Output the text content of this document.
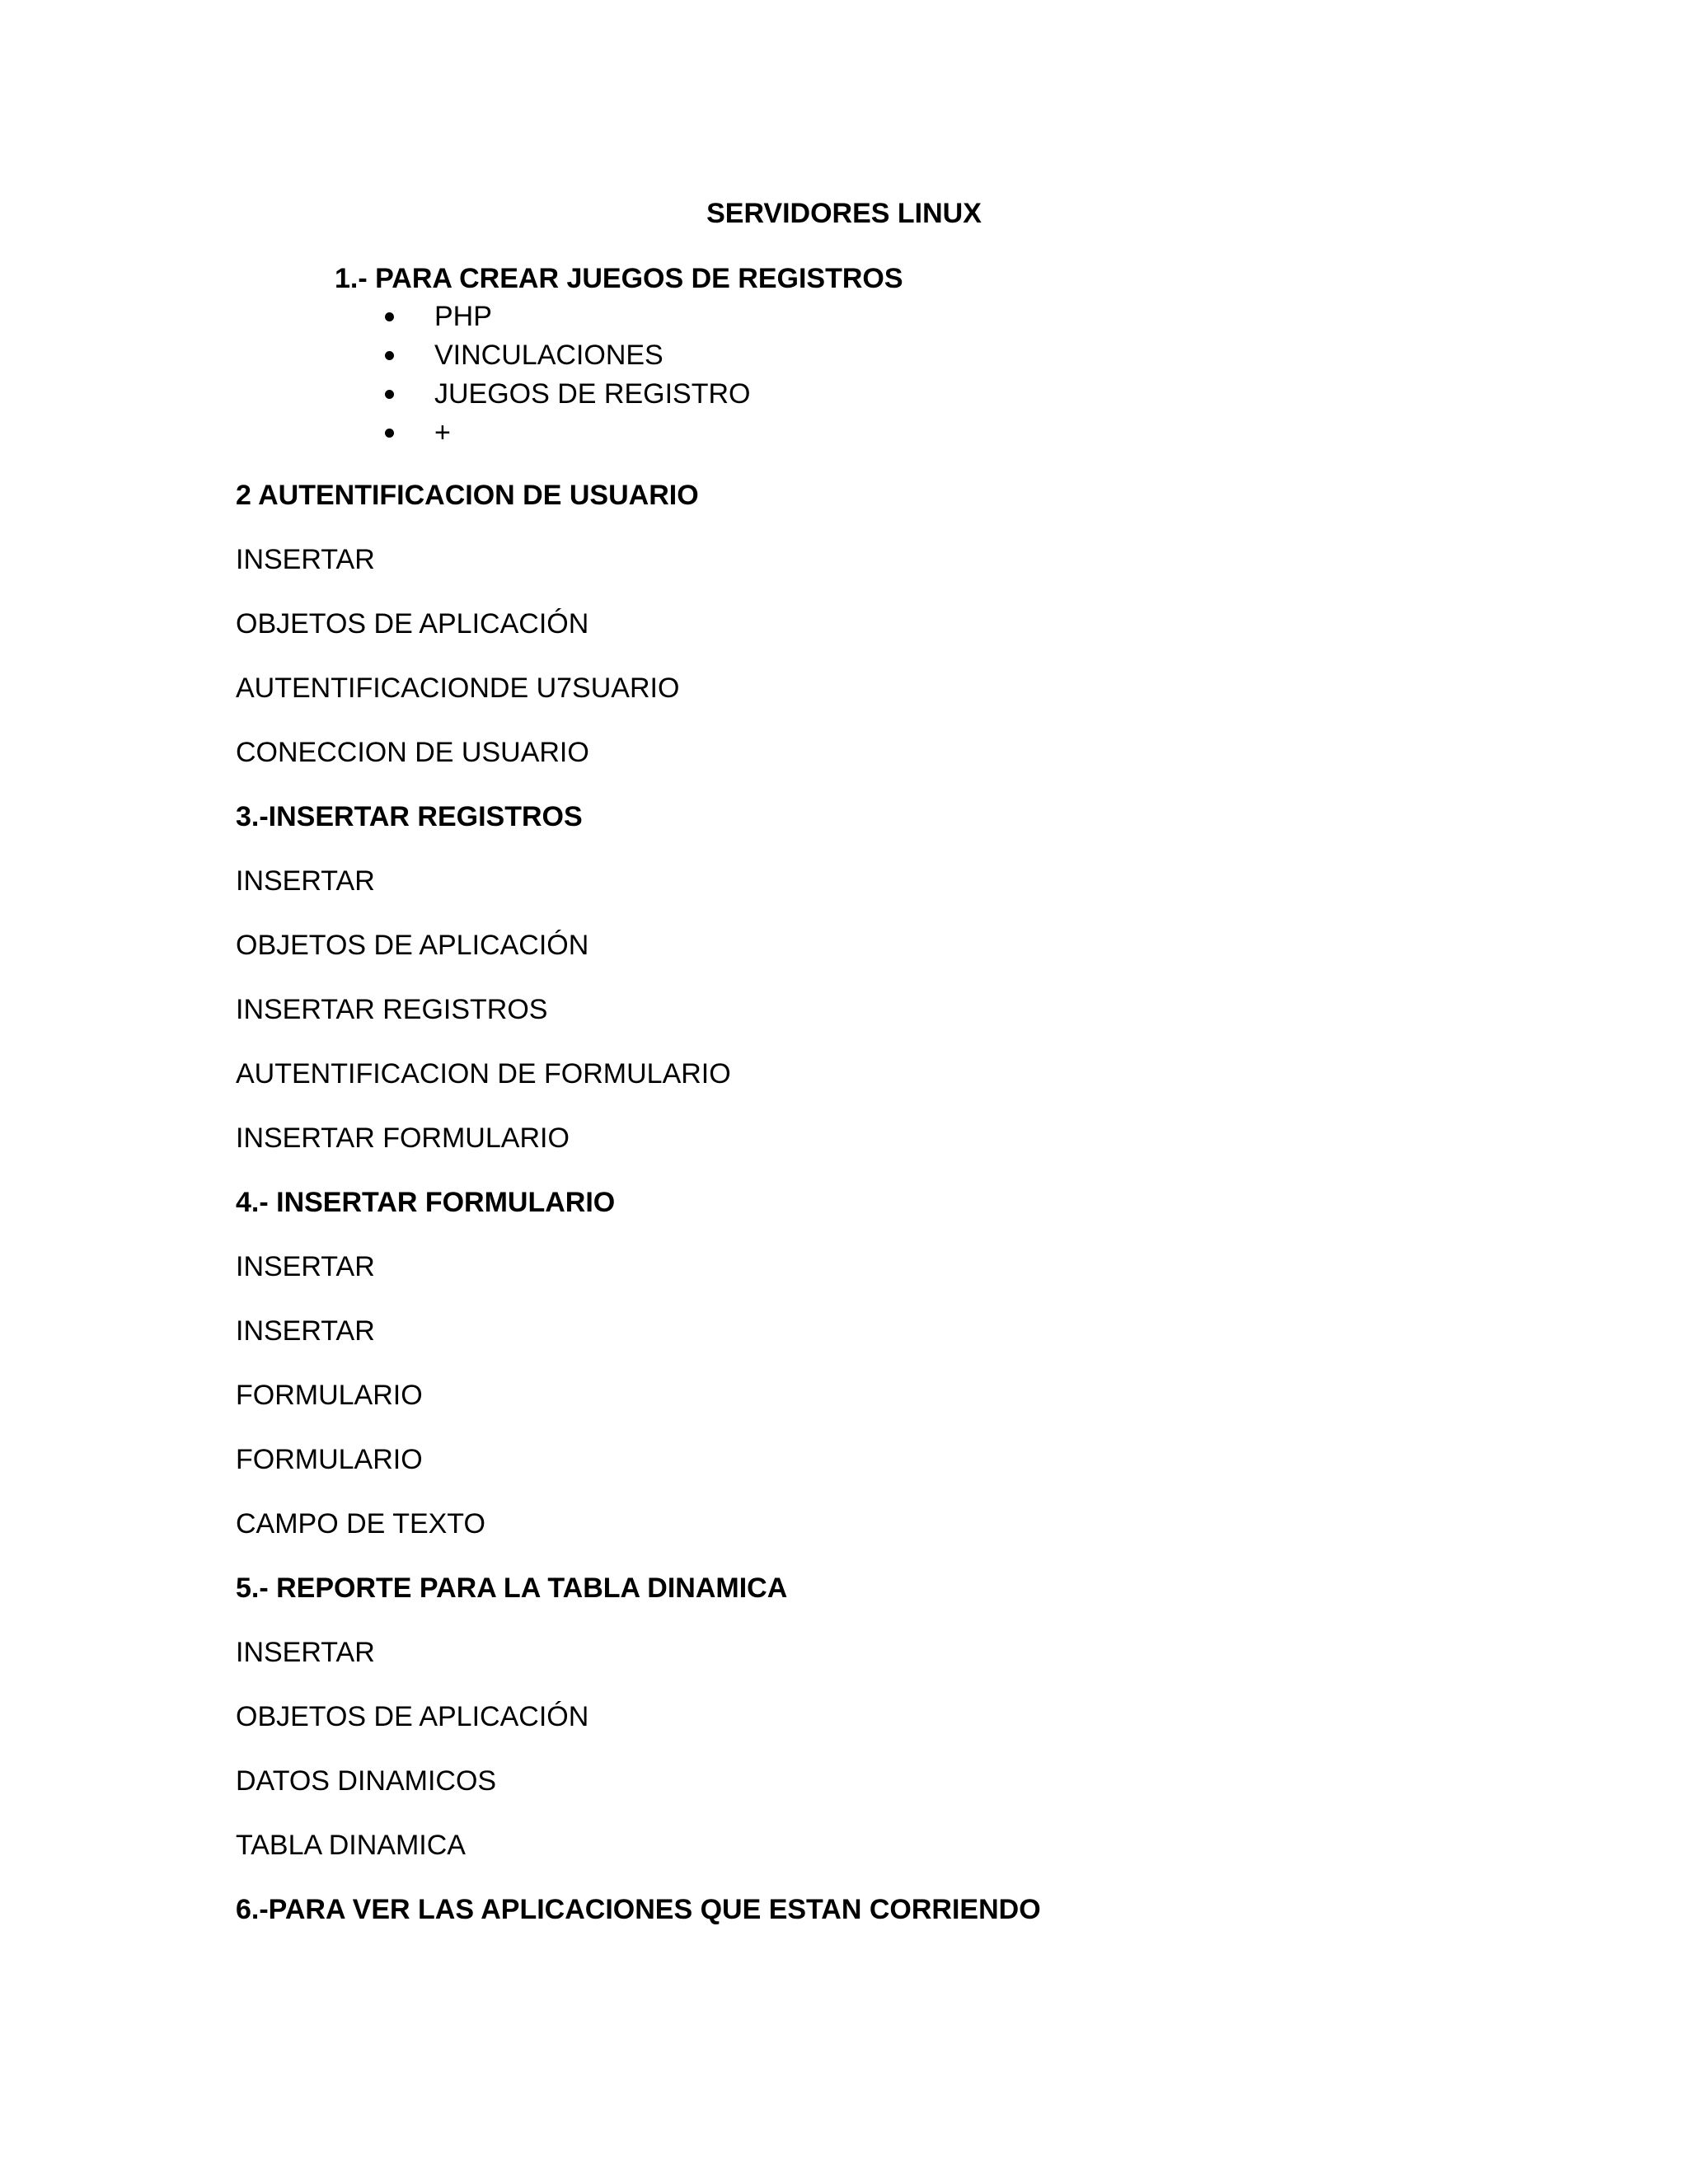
SERVIDORES LINUX
1.- PARA CREAR JUEGOS DE REGISTROS
PHP
VINCULACIONES
JUEGOS DE REGISTRO
+
2 AUTENTIFICACION DE USUARIO
INSERTAR
OBJETOS DE APLICACIÓN
AUTENTIFICACIONDE U7SUARIO
CONECCION DE USUARIO
3.-INSERTAR REGISTROS
INSERTAR
OBJETOS DE APLICACIÓN
INSERTAR REGISTROS
AUTENTIFICACION DE FORMULARIO
INSERTAR FORMULARIO
4.- INSERTAR FORMULARIO
INSERTAR
INSERTAR
FORMULARIO
FORMULARIO
CAMPO DE TEXTO
5.- REPORTE PARA LA TABLA DINAMICA
INSERTAR
OBJETOS DE APLICACIÓN
DATOS DINAMICOS
TABLA DINAMICA
6.-PARA VER LAS APLICACIONES QUE ESTAN CORRIENDO
